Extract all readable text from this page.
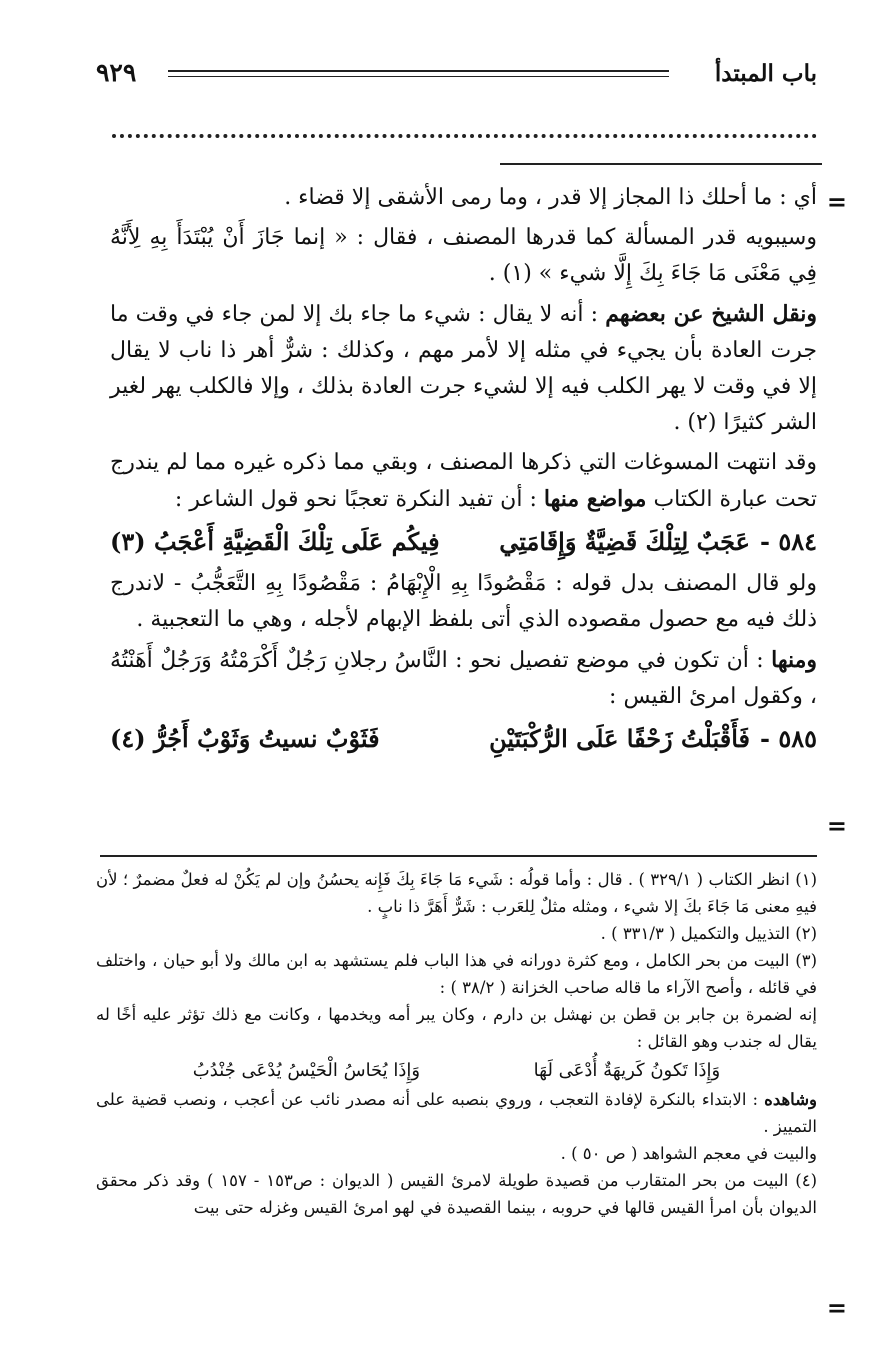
باب المبتدأ
٩٢٩
=
=
=

أي : ما أحلك ذا المجاز إلا قدر ، وما رمى الأشقى إلا قضاء .

وسيبويه قدر المسألة كما قدرها المصنف ، فقال : « إنما جَازَ أَنْ يُبْتَدَأَ بِهِ لِأَنَّهُ فِي مَعْنَى مَا جَاءَ بِكَ إِلَّا شيء » (١) .

ونقل الشيخ عن بعضهم : أنه لا يقال : شيء ما جاء بك إلا لمن جاء في وقت ما جرت العادة بأن يجيء في مثله إلا لأمر مهم ، وكذلك : شرٌّ أهر ذا ناب لا يقال إلا في وقت لا يهر الكلب فيه إلا لشيء جرت العادة بذلك ، وإلا فالكلب يهر لغير الشر كثيرًا (٢) .

وقد انتهت المسوغات التي ذكرها المصنف ، وبقي مما ذكره غيره مما لم يندرج تحت عبارة الكتاب مواضع منها : أن تفيد النكرة تعجبًا نحو قول الشاعر :

٥٨٤ -عَجَبٌ لِتِلْكَ قَضِيَّةٌ وَإِقَامَتِي
فِيكُم عَلَى تِلْكَ الْقَضِيَّةِ أَعْجَبُ (٣)

ولو قال المصنف بدل قوله : مَقْصُودًا بِهِ الْإِبْهَامُ : مَقْصُودًا بِهِ التَّعَجُّبُ - لاندرج ذلك فيه مع حصول مقصوده الذي أتى بلفظ الإبهام لأجله ، وهي ما التعجبية .

ومنها : أن تكون في موضع تفصيل نحو : النَّاسُ رجلانِ رَجُلٌ أَكْرَمْتُهُ وَرَجُلٌ أَهَنْتُهُ ، وكقول امرئ القيس :

٥٨٥ -فَأَقْبَلْتُ زَحْفًا عَلَى الرُّكْبَتَيْنِ
فَثَوْبٌ نسيتُ وَثَوْبٌ أَجُرُّ (٤)

(١) انظر الكتاب ( ٣٢٩/١ ) . قال : وأما قولُه : شَيء مَا جَاءَ بِكَ فَإِنه يحسُنُ وإن لم يَكُنْ له فعلٌ مضمرٌ ؛ لأن فيهِ معنى مَا جَاءَ بكَ إلا شيء ، ومثله مثلٌ لِلعَرب : شَرٌّ أَهَرَّ ذا نابٍ .

(٢) التذييل والتكميل ( ٣٣١/٣ ) .

(٣) البيت من بحر الكامل ، ومع كثرة دورانه في هذا الباب فلم يستشهد به ابن مالك ولا أبو حيان ، واختلف في قائله ، وأصح الآراء ما قاله صاحب الخزانة ( ٣٨/٢ ) :

إنه لضمرة بن جابر بن قطن بن نهشل بن دارم ، وكان يبر أمه ويخدمها ، وكانت مع ذلك تؤثر عليه أخًا له يقال له جندب وهو القائل :

وَإِذَا تَكونُ كَريهَةٌ أُدْعَى لَهَا
وَإِذَا يُحَاسُ الْحَيْسُ يُدْعَى جُنْدُبُ

وشاهده : الابتداء بالنكرة لإفادة التعجب ، وروي بنصبه على أنه مصدر نائب عن أعجب ، ونصب قضية على التمييز .

والبيت في معجم الشواهد ( ص ٥٠ ) .

(٤) البيت من بحر المتقارب من قصيدة طويلة لامرئ القيس ( الديوان : ص١٥٣ - ١٥٧ ) وقد ذكر محقق الديوان بأن امرأ القيس قالها في حروبه ، بينما القصيدة في لهو امرئ القيس وغزله حتى بيت
